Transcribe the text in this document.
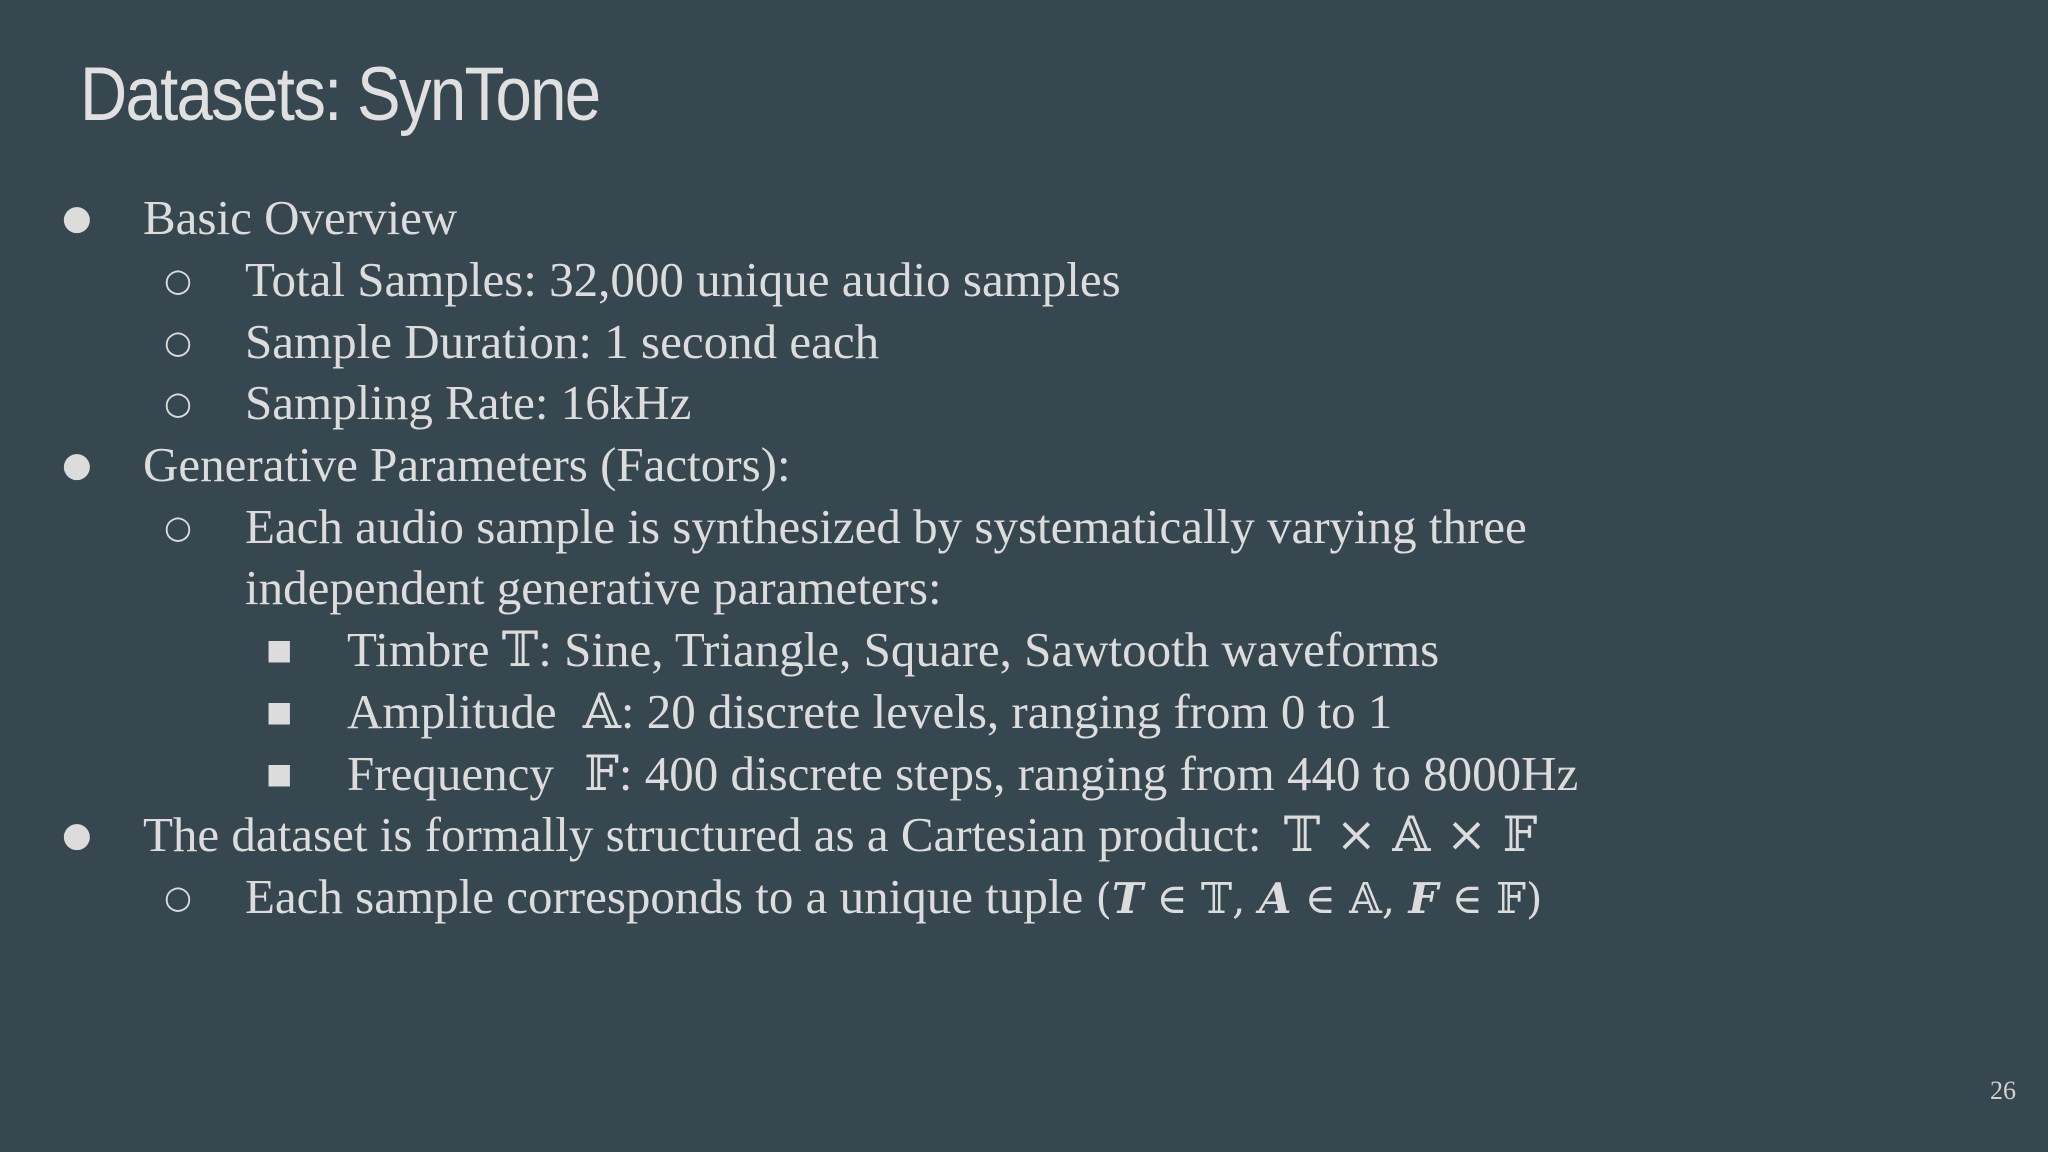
Datasets: SynTone
● Basic Overview
○ Total Samples: 32,000 unique audio samples
○ Sample Duration: 1 second each
○ Sampling Rate: 16kHz
● Generative Parameters (Factors):
○ Each audio sample is synthesized by systematically varying three
independent generative parameters:
■ Timbre 𝕋: Sine, Triangle, Square, Sawtooth waveforms
■ Amplitude 𝔸: 20 discrete levels, ranging from 0 to 1
■ Frequency 𝔽: 400 discrete steps, ranging from 440 to 8000Hz
● The dataset is formally structured as a Cartesian product: 𝕋 × 𝔸 × 𝔽
○ Each sample corresponds to a unique tuple (T ∈ 𝕋, A ∈ 𝔸, F ∈ 𝔽)
26
